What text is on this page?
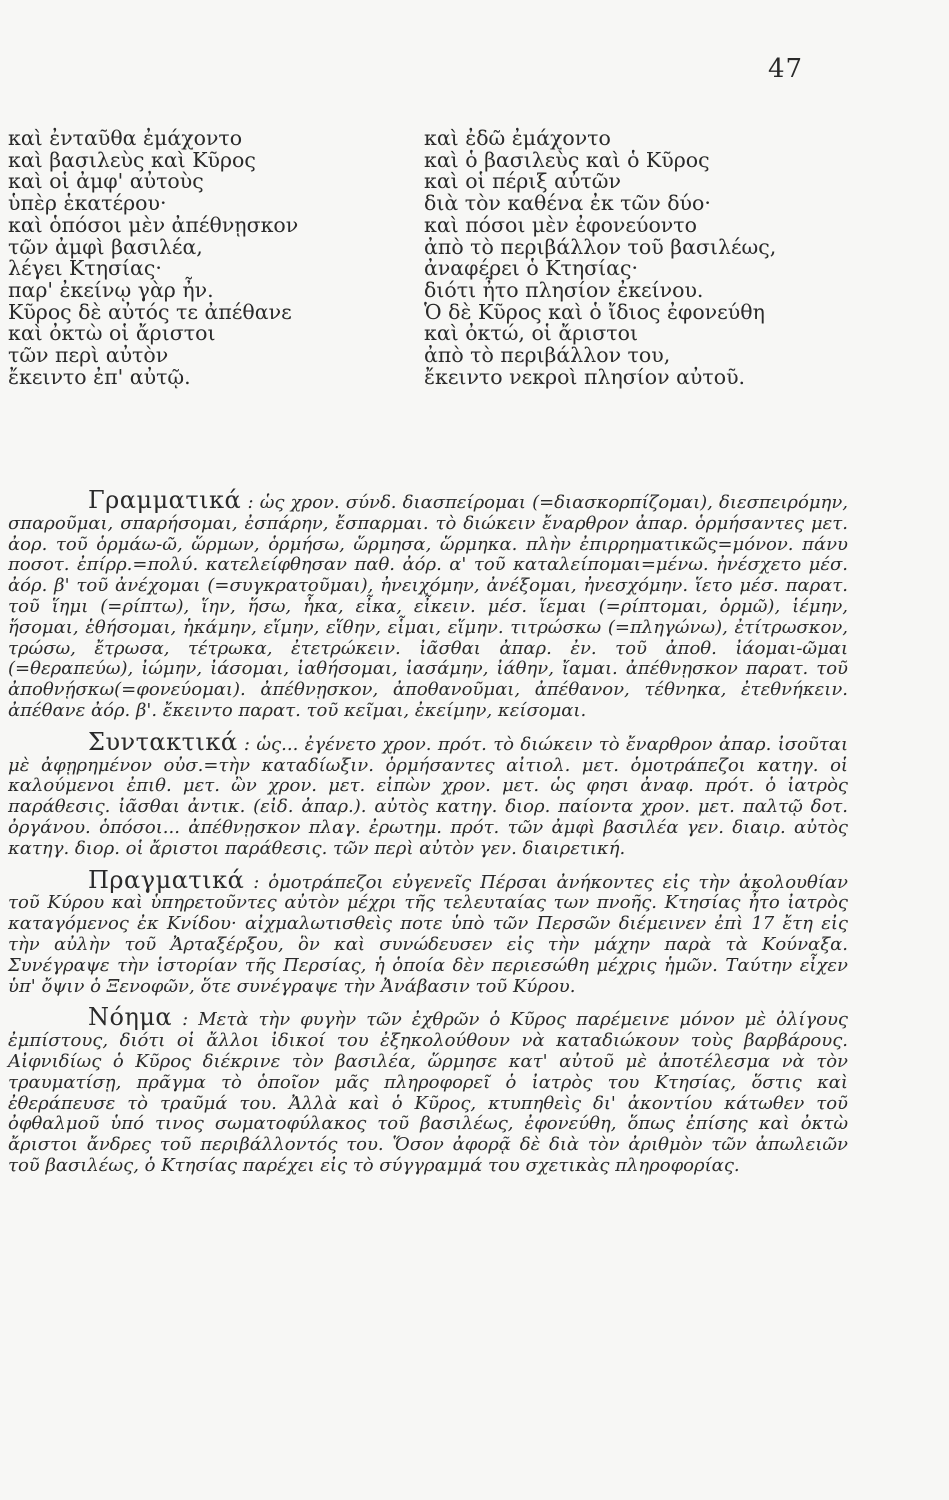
47
καὶ ἐνταῦθα ἐμάχοντο
καὶ βασιλεὺς καὶ Κῦρος
καὶ οἱ ἀμφ' αὐτοὺς
ὑπὲρ ἑκατέρου·
καὶ ὁπόσοι μὲν ἀπέθνῃσκον
τῶν ἀμφὶ βασιλέα,
λέγει Κτησίας·
παρ' ἐκείνῳ γὰρ ἦν.
Κῦρος δὲ αὐτός τε ἀπέθανε
καὶ ὀκτὼ οἱ ἄριστοι
τῶν περὶ αὐτὸν
ἔκειντο ἐπ' αὐτῷ.
καὶ ἐδῶ ἐμάχοντο
καὶ ὁ βασιλεὺς καὶ ὁ Κῦρος
καὶ οἱ πέριξ αὐτῶν
διὰ τὸν καθένα ἐκ τῶν δύο·
καὶ πόσοι μὲν ἐφονεύοντο
ἀπὸ τὸ περιβάλλον τοῦ βασιλέως,
ἀναφέρει ὁ Κτησίας·
διότι ἦτο πλησίον ἐκείνου.
Ὁ δὲ Κῦρος καὶ ὁ ἴδιος ἐφονεύθη
καὶ ὀκτώ, οἱ ἄριστοι
ἀπὸ τὸ περιβάλλον του,
ἔκειντο νεκροὶ πλησίον αὐτοῦ.

Γραμματικά : ὡς χρον. σύνδ. διασπείρομαι (=διασκορπίζομαι), διεσπειρόμην, σπαροῦμαι, σπαρήσομαι, ἐσπάρην, ἔσπαρμαι. τὸ διώκειν ἔναρθρον ἀπαρ. ὁρμήσαντες μετ. ἀορ. τοῦ ὁρμάω-ῶ, ὥρμων, ὁρμήσω, ὥρμησα, ὥρμηκα. πλὴν ἐπιρρηματικῶς=μόνον. πάνυ ποσοτ. ἐπίρρ.=πολύ. κατελείφθησαν παθ. ἀόρ. α' τοῦ καταλείπομαι=μένω. ἠνέσχετο μέσ. ἀόρ. β' τοῦ ἀνέχομαι (=συγκρατοῦμαι), ἠνειχόμην, ἀνέξομαι, ἠνεσχόμην. ἵετο μέσ. παρατ. τοῦ ἵημι (=ρίπτω), ἵην, ἥσω, ἧκα, εἶκα, εἶκειν. μέσ. ἵεμαι (=ρίπτομαι, ὁρμῶ), ἱέμην, ἥσομαι, ἑθήσομαι, ἡκάμην, εἵμην, εἵθην, εἷμαι, εἵμην. τιτρώσκω (=πληγώνω), ἐτίτρωσκον, τρώσω, ἔτρωσα, τέτρωκα, ἐτετρώκειν. ἰᾶσθαι ἀπαρ. ἐν. τοῦ ἀποθ. ἰάομαι-ῶμαι (=θεραπεύω), ἰώμην, ἰάσομαι, ἰαθήσομαι, ἰασάμην, ἰάθην, ἴαμαι. ἀπέθνῃσκον παρατ. τοῦ ἀποθνῄσκω(=φονεύομαι). ἀπέθνῃσκον, ἀποθανοῦμαι, ἀπέθανον, τέθνηκα, ἐτεθνήκειν. ἀπέθανε ἀόρ. β'. ἔκειντο παρατ. τοῦ κεῖμαι, ἐκείμην, κείσομαι.

Συντακτικά : ὡς... ἐγένετο χρον. πρότ. τὸ διώκειν τὸ ἔναρθρον ἀπαρ. ἰσοῦται μὲ ἀφῃρημένον οὐσ.=τὴν καταδίωξιν. ὁρμήσαντες αἰτιολ. μετ. ὁμοτράπεζοι κατηγ. οἱ καλούμενοι ἐπιθ. μετ. ὢν χρον. μετ. εἰπὼν χρον. μετ. ὡς φησι ἀναφ. πρότ. ὁ ἰατρὸς παράθεσις. ἰᾶσθαι ἀντικ. (εἰδ. ἀπαρ.). αὐτὸς κατηγ. διορ. παίοντα χρον. μετ. παλτῷ δοτ. ὀργάνου. ὁπόσοι... ἀπέθνῃσκον πλαγ. ἐρωτημ. πρότ. τῶν ἀμφὶ βασιλέα γεν. διαιρ. αὐτὸς κατηγ. διορ. οἱ ἄριστοι παράθεσις. τῶν περὶ αὐτὸν γεν. διαιρετική.

Πραγματικά : ὁμοτράπεζοι εὐγενεῖς Πέρσαι ἀνήκοντες εἰς τὴν ἀκολουθίαν τοῦ Κύρου καὶ ὑπηρετοῦντες αὐτὸν μέχρι τῆς τελευταίας των πνοῆς. Κτησίας ἦτο ἰατρὸς καταγόμενος ἐκ Κνίδου· αἰχμαλωτισθεὶς ποτε ὑπὸ τῶν Περσῶν διέμεινεν ἐπὶ 17 ἔτη εἰς τὴν αὐλὴν τοῦ Ἀρταξέρξου, ὃν καὶ συνώδευσεν εἰς τὴν μάχην παρὰ τὰ Κούναξα. Συνέγραψε τὴν ἱστορίαν τῆς Περσίας, ἡ ὁποία δὲν περιεσώθη μέχρις ἡμῶν. Ταύτην εἶχεν ὑπ' ὄψιν ὁ Ξενοφῶν, ὅτε συνέγραψε τὴν Ἀνάβασιν τοῦ Κύρου.

Νόημα : Μετὰ τὴν φυγὴν τῶν ἐχθρῶν ὁ Κῦρος παρέμεινε μόνον μὲ ὀλίγους ἐμπίστους, διότι οἱ ἄλλοι ἰδικοί του ἐξηκολούθουν νὰ καταδιώκουν τοὺς βαρβάρους. Αἰφνιδίως ὁ Κῦρος διέκρινε τὸν βασιλέα, ὥρμησε κατ' αὐτοῦ μὲ ἀποτέλεσμα νὰ τὸν τραυματίσῃ, πρᾶγμα τὸ ὁποῖον μᾶς πληροφορεῖ ὁ ἰατρὸς του Κτησίας, ὅστις καὶ ἐθεράπευσε τὸ τραῦμά του. Ἀλλὰ καὶ ὁ Κῦρος, κτυπηθεὶς δι' ἀκοντίου κάτωθεν τοῦ ὀφθαλμοῦ ὑπό τινος σωματοφύλακος τοῦ βασιλέως, ἐφονεύθη, ὅπως ἐπίσης καὶ ὀκτὼ ἄριστοι ἄνδρες τοῦ περιβάλλοντός του. Ὅσον ἀφορᾷ δὲ διὰ τὸν ἀριθμὸν τῶν ἀπωλειῶν τοῦ βασιλέως, ὁ Κτησίας παρέχει εἰς τὸ σύγγραμμά του σχετικὰς πληροφορίας.
